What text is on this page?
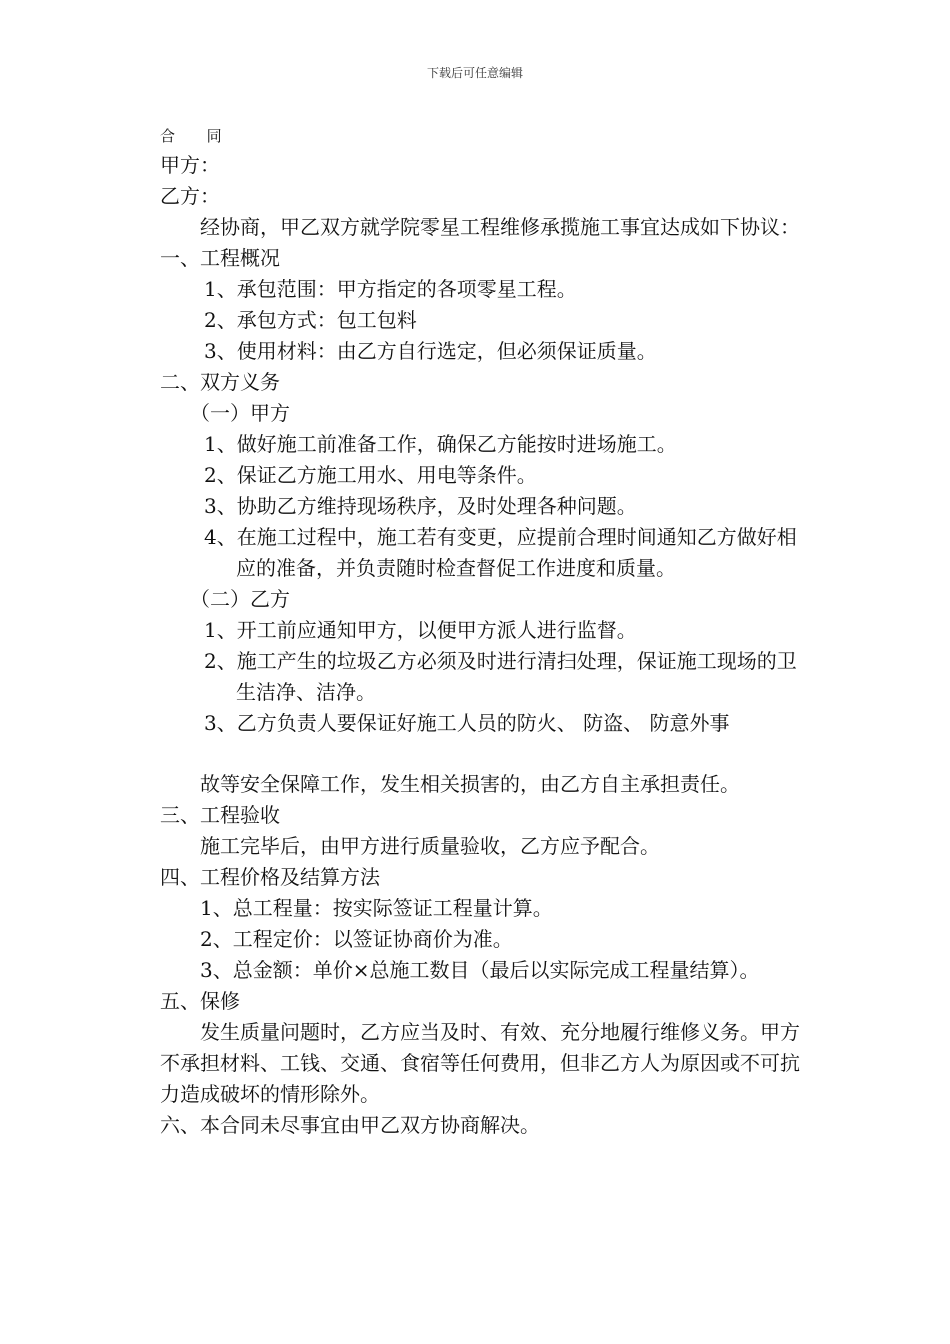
下载后可任意编辑
合 同

甲方：

乙方：

经协商，甲乙双方就学院零星工程维修承揽施工事宜达成如下协议：

一、工程概况

1、承包范围：甲方指定的各项零星工程。

2、承包方式：包工包料

3、使用材料：由乙方自行选定，但必须保证质量。

二、双方义务

（一）甲方

1、做好施工前准备工作，确保乙方能按时进场施工。

2、保证乙方施工用水、用电等条件。

3、协助乙方维持现场秩序，及时处理各种问题。

4、在施工过程中，施工若有变更，应提前合理时间通知乙方做好相应的准备，并负责随时检查督促工作进度和质量。

（二）乙方

1、开工前应通知甲方，以便甲方派人进行监督。

2、施工产生的垃圾乙方必须及时进行清扫处理，保证施工现场的卫生洁净、洁净。

3、乙方负责人要保证好施工人员的防火、 防盗、 防意外事

故等安全保障工作，发生相关损害的，由乙方自主承担责任。

三、工程验收

施工完毕后，由甲方进行质量验收，乙方应予配合。

四、工程价格及结算方法

1、总工程量：按实际签证工程量计算。

2、工程定价：以签证协商价为准。

3、总金额：单价×总施工数目（最后以实际完成工程量结算）。

五、保修

发生质量问题时，乙方应当及时、有效、充分地履行维修义务。甲方不承担材料、工钱、交通、食宿等任何费用，但非乙方人为原因或不可抗力造成破坏的情形除外。

六、本合同未尽事宜由甲乙双方协商解决。
